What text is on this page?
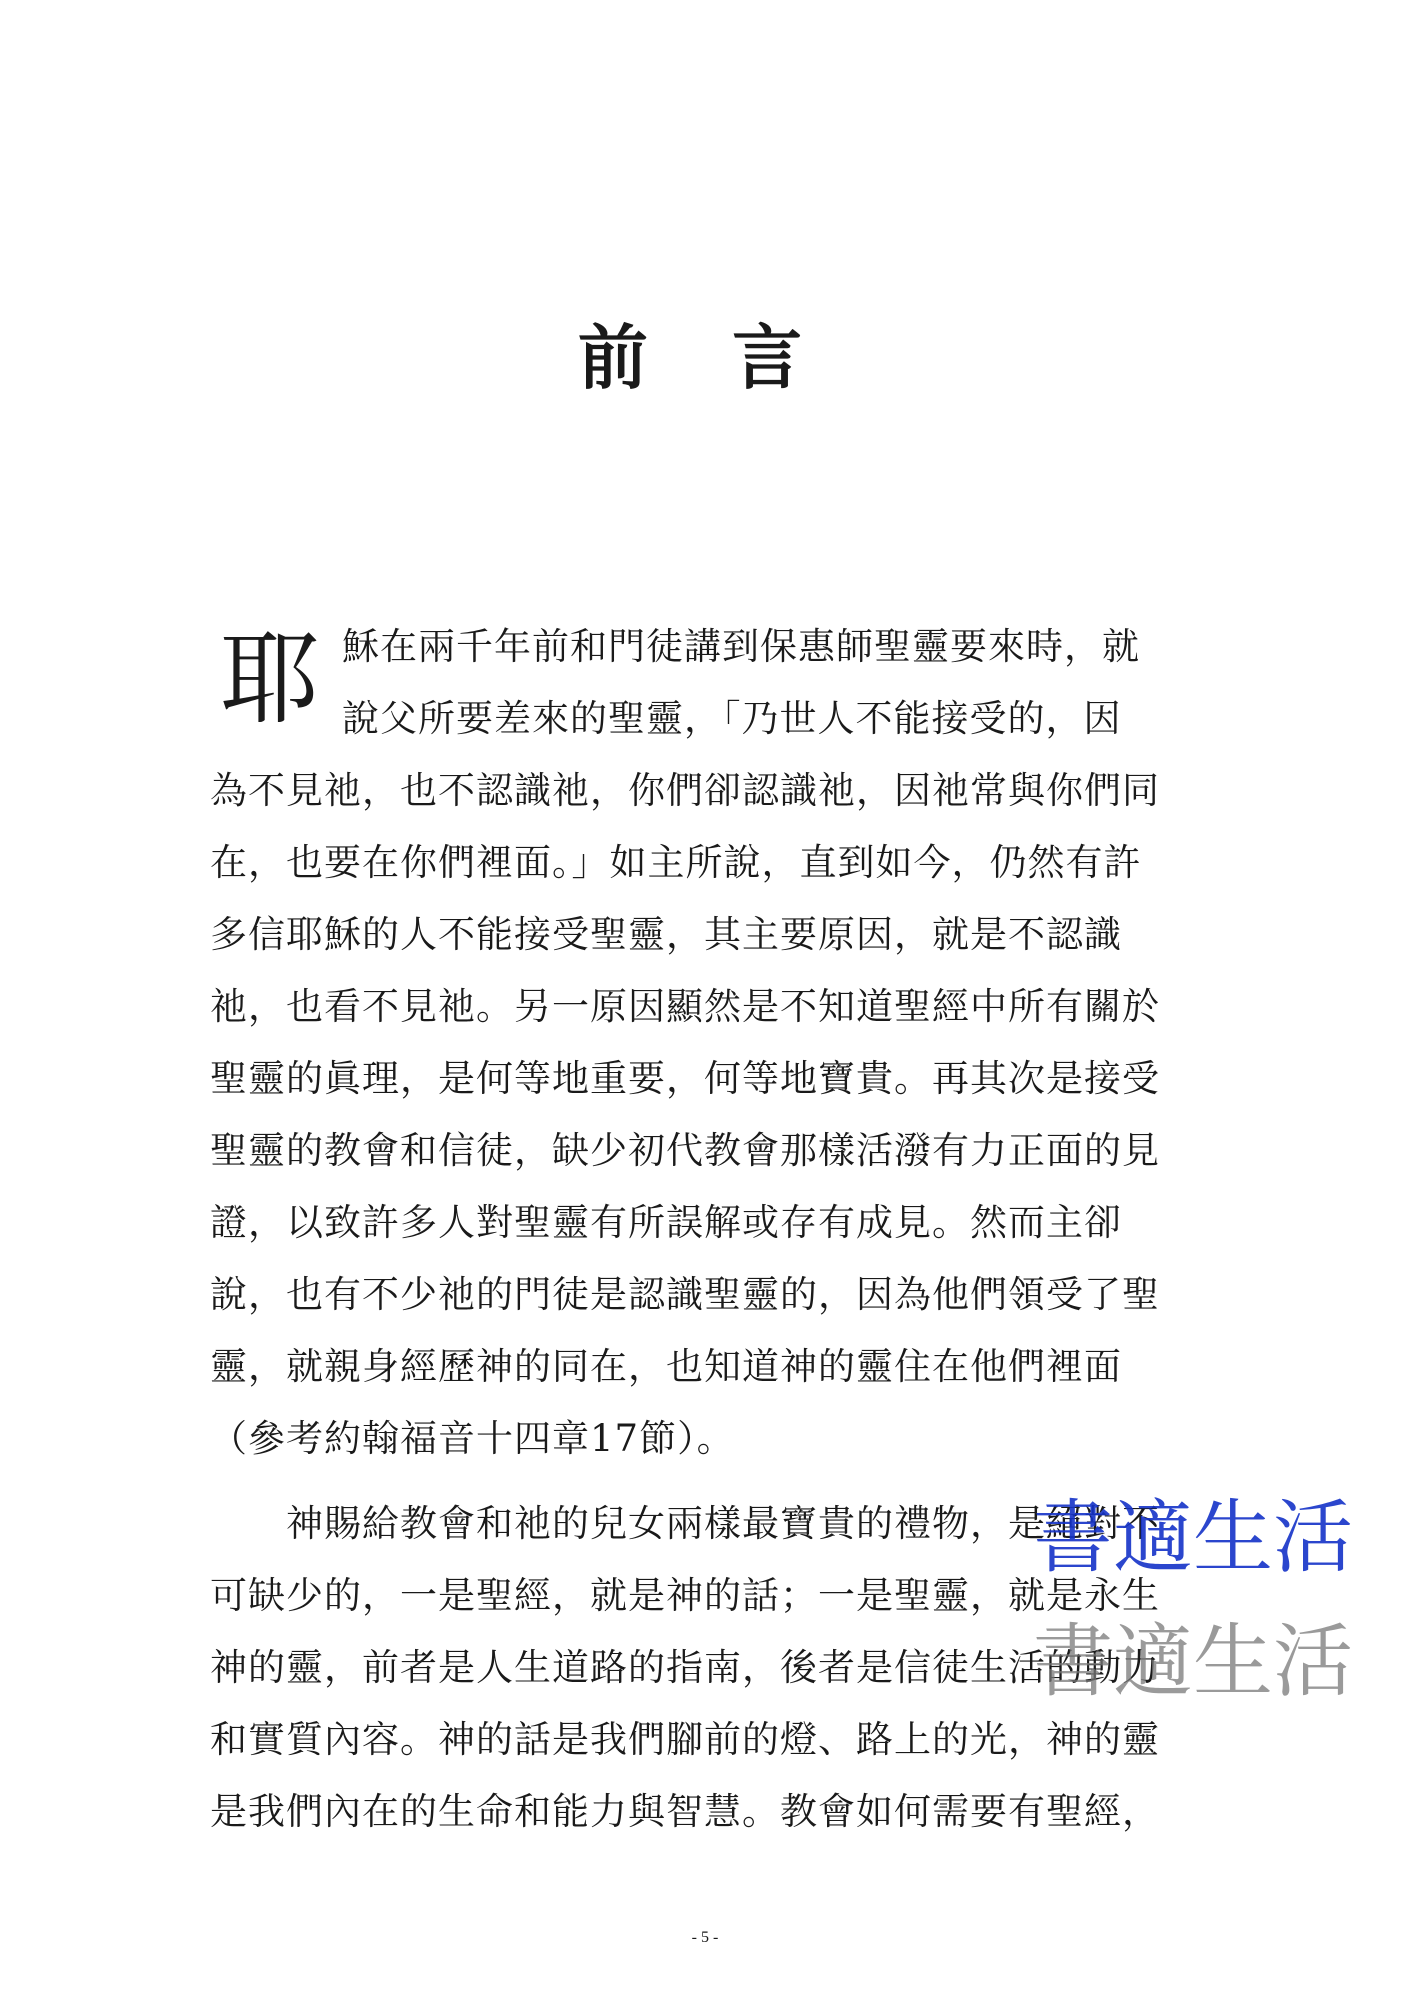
前 言
耶 穌在兩千年前和門徒講到保惠師聖靈要來時，就
說父所要差來的聖靈，「乃世人不能接受的，因
為不見祂，也不認識祂，你們卻認識祂，因祂常與你們同
在，也要在你們裡面。」如主所說，直到如今，仍然有許
多信耶穌的人不能接受聖靈，其主要原因，就是不認識
祂，也看不見祂。另一原因顯然是不知道聖經中所有關於
聖靈的眞理，是何等地重要，何等地寶貴。再其次是接受
聖靈的教會和信徒，缺少初代教會那樣活潑有力正面的見
證，以致許多人對聖靈有所誤解或存有成見。然而主卻
說，也有不少祂的門徒是認識聖靈的，因為他們領受了聖
靈，就親身經歷神的同在，也知道神的靈住在他們裡面
（參考約翰福音十四章17節）。
神賜給教會和祂的兒女兩樣最寶貴的禮物，是絕對不
可缺少的，一是聖經，就是神的話；一是聖靈，就是永生
神的靈，前者是人生道路的指南，後者是信徒生活的動力
和實質內容。神的話是我們腳前的燈、路上的光，神的靈
是我們內在的生命和能力與智慧。教會如何需要有聖經，
書適生活
書適生活
- 5 -
